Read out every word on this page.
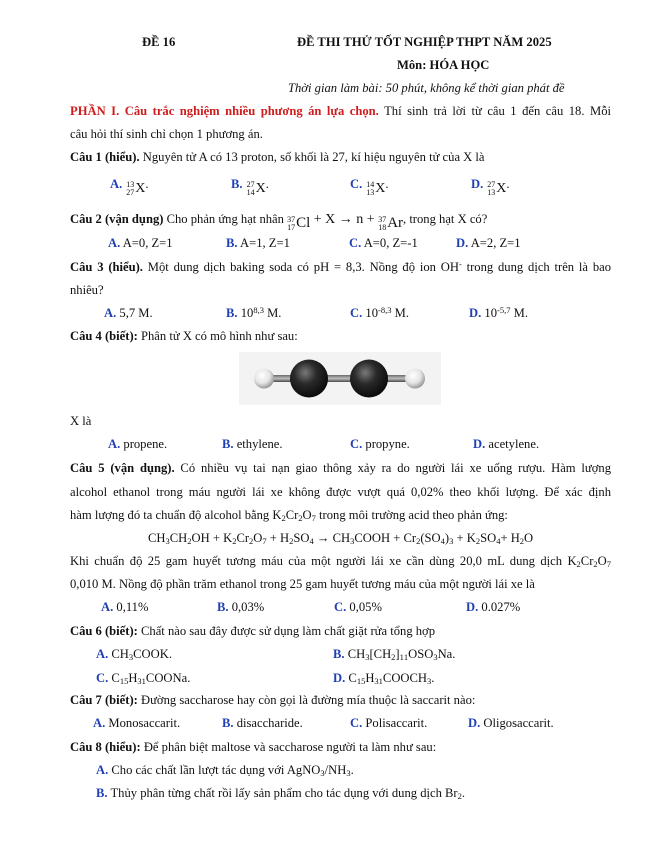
ĐỀ 16	ĐỀ THI THỬ TỐT NGHIỆP THPT NĂM 2025
Môn: HÓA HỌC
Thời gian làm bài: 50 phút, không kể thời gian phát đề
PHẦN I. Câu trắc nghiệm nhiều phương án lựa chọn. Thí sinh trả lời từ câu 1 đến câu 18. Mỗi
câu hỏi thí sinh chỉ chọn 1 phương án.
Câu 1 (hiểu). Nguyên tử A có 13 proton, số khối là 27, kí hiệu nguyên tử của X là
A. 13
27 X.	B. 27
14 X.	C. 14
13 X.	D. 27
13 X.
Câu 2 (vận dụng) Cho phản ứng hạt nhân 37
17 Cl + X → n + 37
18 Ar, trong hạt X có?
A. A=0, Z=1	B. A=1, Z=1	C. A=0, Z=-1	D. A=2, Z=1
Câu 3 (hiểu). Một dung dịch baking soda có pH = 8,3. Nồng độ ion OH- trong dung dịch trên là bao
nhiêu?
A. 5,7 M.	B. 10$^{8,3}$ M.	C. $10^{-8,3}$ M.	D. $10^{-5,7}$ M.
Câu 4 (biết): Phân tử X có mô hình như sau:
X là
A. propene.	B. ethylene.	C. propyne.	D. acetylene.
Câu 5 (vận dụng). Có nhiều vụ tai nạn giao thông xảy ra do người lái xe uống rượu. Hàm lượng
alcohol ethanol trong máu người lái xe không được vượt quá 0,02% theo khối lượng. Để xác định
hàm lượng đó ta chuẩn độ alcohol bằng $K_2Cr_2O_7$ trong môi trường acid theo phản ứng:
$CH_3CH_2OH + K_2Cr_2O_7 + H_2SO_4$ → $CH_3COOH + Cr_2(SO_4)_3 + K_2SO_4+ H_2O$
Khi chuẩn độ 25 gam huyết tương máu của một người lái xe cần dùng 20,0 mL dung dịch $K_2Cr_2O_7$
0,010 M. Nồng độ phần trăm ethanol trong 25 gam huyết tương máu của một người lái xe là
A. 0,11%	B. 0,03%	C. 0,05%	D. 0.027%
Câu 6 (biết): Chất nào sau đây được sử dụng làm chất giặt rửa tổng hợp
A. $CH_3COOK$.	B. $CH_3[CH_2]_{11}OSO_3Na$.
C. $C_{15}H_{31}COONa$.	D. $C_{15}H_{31}COOCH_3$.
Câu 7 (biết): Đường saccharose hay còn gọi là đường mía thuộc là saccarit nào:
A. Monosaccarit.	B. disaccharide.	C. Polisaccarit.	D. Oligosaccarit.
Câu 8 (hiểu): Để phân biệt maltose và saccharose người ta làm như sau:
A. Cho các chất lần lượt tác dụng với $AgNO_3/NH_3$.
B. Thủy phân từng chất rồi lấy sản phẩm cho tác dụng với dung dịch $Br_2$.
